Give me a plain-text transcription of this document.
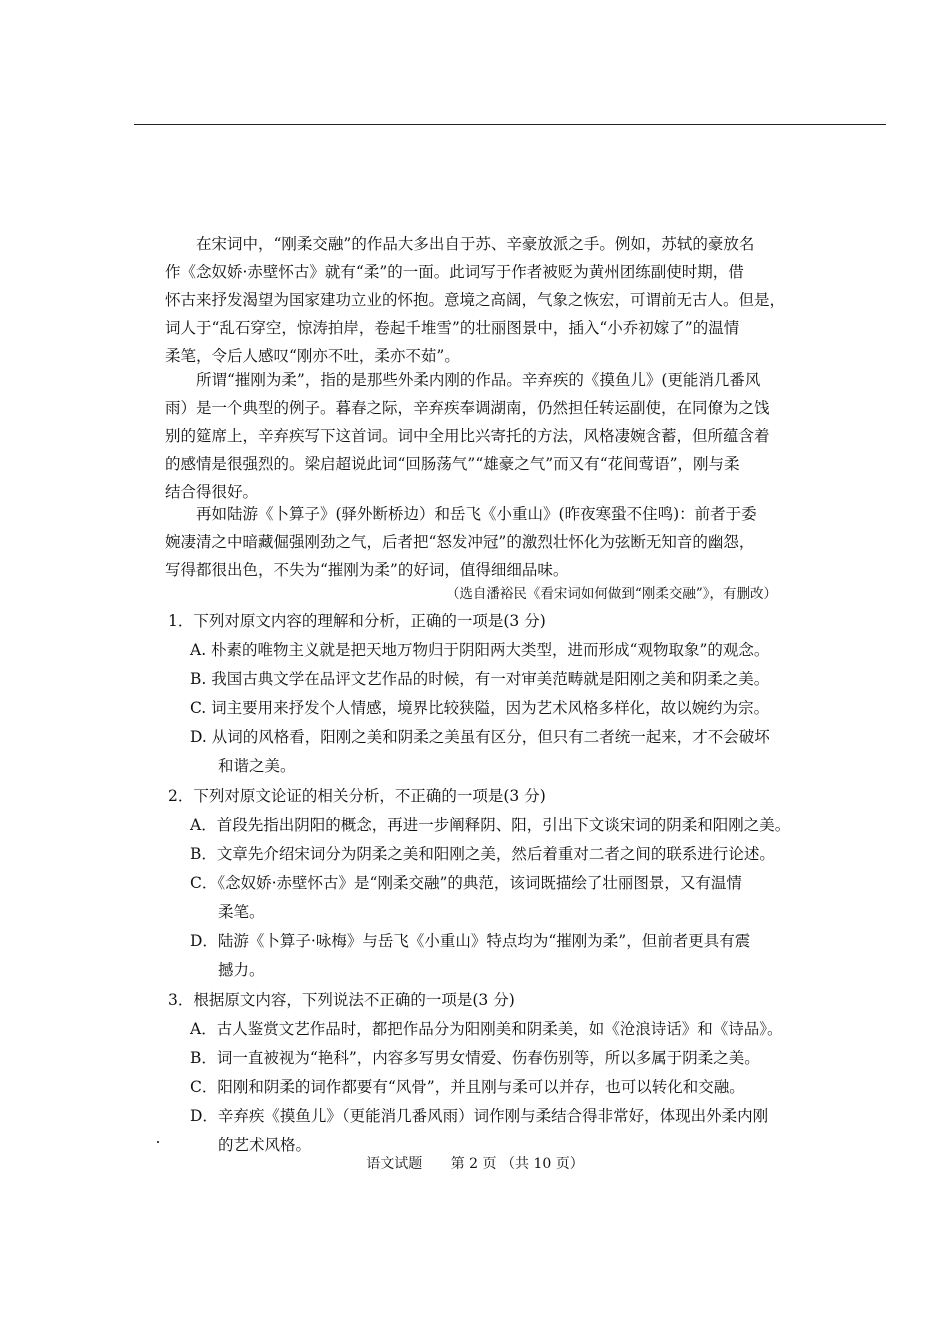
在宋词中，“刚柔交融”的作品大多出自于苏、辛豪放派之手。例如，苏轼的豪放名
作《念奴娇·赤壁怀古》就有“柔”的一面。此词写于作者被贬为黄州团练副使时期，借
怀古来抒发渴望为国家建功立业的怀抱。意境之高阔，气象之恢宏，可谓前无古人。但是，
词人于“乱石穿空，惊涛拍岸，卷起千堆雪”的壮丽图景中，插入“小乔初嫁了”的温情
柔笔，令后人感叹“刚亦不吐，柔亦不茹”。
所谓“摧刚为柔”，指的是那些外柔内刚的作品。辛弃疾的《摸鱼儿》(更能消几番风
雨）是一个典型的例子。暮春之际，辛弃疾奉调湖南，仍然担任转运副使，在同僚为之饯
别的筵席上，辛弃疾写下这首词。词中全用比兴寄托的方法，风格凄婉含蓄，但所蕴含着
的感情是很强烈的。梁启超说此词“回肠荡气”“雄豪之气”而又有“花间莺语”，刚与柔
结合得很好。
再如陆游《卜算子》(驿外断桥边）和岳飞《小重山》(昨夜寒蛩不住鸣)：前者于委
婉凄清之中暗藏倔强刚劲之气，后者把“怒发冲冠”的激烈壮怀化为弦断无知音的幽怨，
写得都很出色，不失为“摧刚为柔”的好词，值得细细品味。
（选自潘裕民《看宋词如何做到“刚柔交融”》，有删改）
1．下列对原文内容的理解和分析，正确的一项是(3 分)
A. 朴素的唯物主义就是把天地万物归于阴阳两大类型，进而形成“观物取象”的观念。
B. 我国古典文学在品评文艺作品的时候，有一对审美范畴就是阳刚之美和阴柔之美。
C. 词主要用来抒发个人情感，境界比较狭隘，因为艺术风格多样化，故以婉约为宗。
D. 从词的风格看，阳刚之美和阴柔之美虽有区分，但只有二者统一起来，才不会破坏
和谐之美。
2．下列对原文论证的相关分析，不正确的一项是(3 分)
A．首段先指出阴阳的概念，再进一步阐释阴、阳，引出下文谈宋词的阴柔和阳刚之美。
B．文章先介绍宋词分为阴柔之美和阳刚之美，然后着重对二者之间的联系进行论述。
C．《念奴娇·赤壁怀古》是“刚柔交融”的典范，该词既描绘了壮丽图景，又有温情
柔笔。
D．陆游《卜算子·咏梅》与岳飞《小重山》特点均为“摧刚为柔”，但前者更具有震
撼力。
3．根据原文内容，下列说法不正确的一项是(3 分)
A．古人鉴赏文艺作品时，都把作品分为阳刚美和阴柔美，如《沧浪诗话》和《诗品》。
B．词一直被视为“艳科”，内容多写男女情爱、伤春伤别等，所以多属于阴柔之美。
C．阳刚和阴柔的词作都要有“风骨”，并且刚与柔可以并存，也可以转化和交融。
D．辛弃疾《摸鱼儿》（更能消几番风雨）词作刚与柔结合得非常好，体现出外柔内刚
的艺术风格。
语文试题 第 2 页 （共 10 页）
